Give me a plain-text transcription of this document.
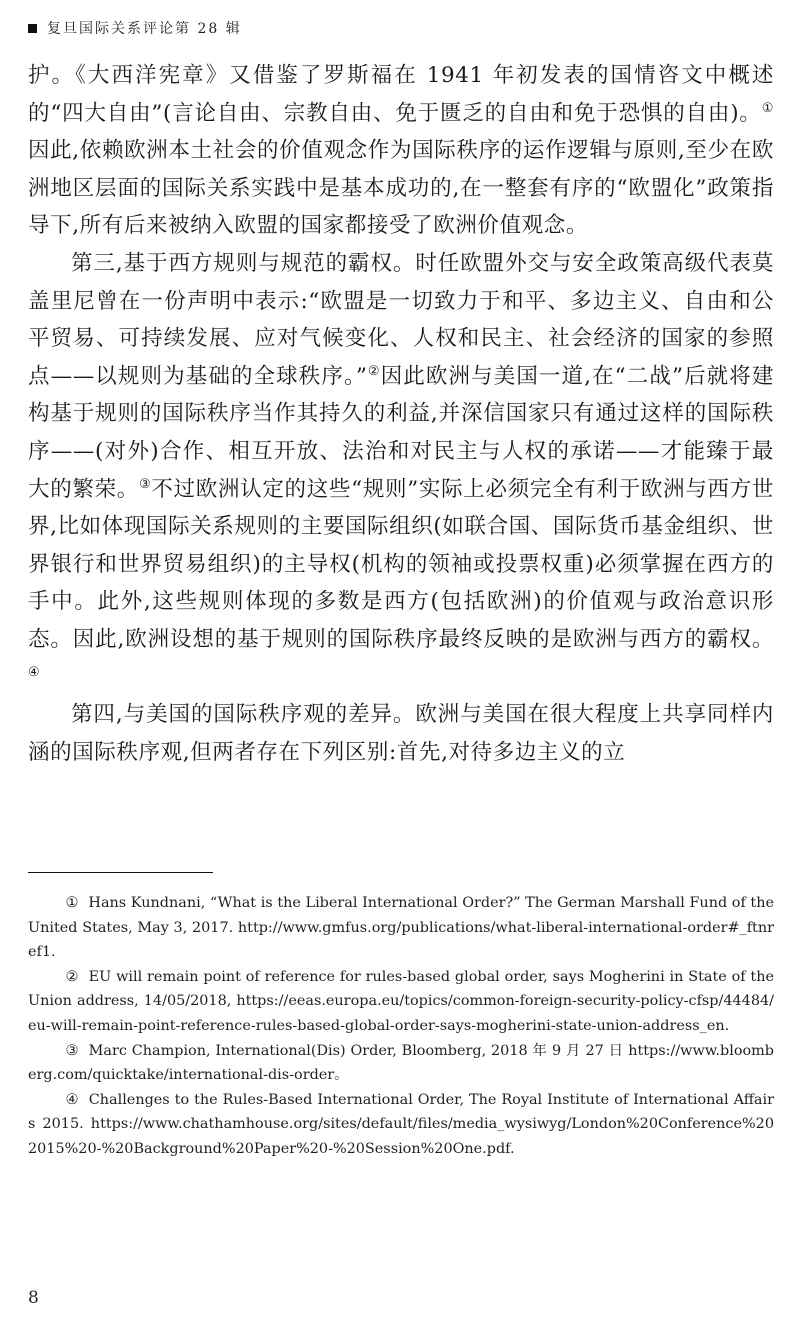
复旦国际关系评论第 28 辑

护。《大西洋宪章》又借鉴了罗斯福在 1941 年初发表的国情咨文中概述的“四大自由”(言论自由、宗教自由、免于匮乏的自由和免于恐惧的自由)。①因此,依赖欧洲本土社会的价值观念作为国际秩序的运作逻辑与原则,至少在欧洲地区层面的国际关系实践中是基本成功的,在一整套有序的“欧盟化”政策指导下,所有后来被纳入欧盟的国家都接受了欧洲价值观念。

第三,基于西方规则与规范的霸权。时任欧盟外交与安全政策高级代表莫盖里尼曾在一份声明中表示:“欧盟是一切致力于和平、多边主义、自由和公平贸易、可持续发展、应对气候变化、人权和民主、社会经济的国家的参照点——以规则为基础的全球秩序。”②因此欧洲与美国一道,在“二战”后就将建构基于规则的国际秩序当作其持久的利益,并深信国家只有通过这样的国际秩序——(对外)合作、相互开放、法治和对民主与人权的承诺——才能臻于最大的繁荣。③不过欧洲认定的这些“规则”实际上必须完全有利于欧洲与西方世界,比如体现国际关系规则的主要国际组织(如联合国、国际货币基金组织、世界银行和世界贸易组织)的主导权(机构的领袖或投票权重)必须掌握在西方的手中。此外,这些规则体现的多数是西方(包括欧洲)的价值观与政治意识形态。因此,欧洲设想的基于规则的国际秩序最终反映的是欧洲与西方的霸权。④

第四,与美国的国际秩序观的差异。欧洲与美国在很大程度上共享同样内涵的国际秩序观,但两者存在下列区别:首先,对待多边主义的立

① Hans Kundnani, “What is the Liberal International Order?” The German Marshall Fund of the United States, May 3, 2017. http://www.gmfus.org/publications/what-liberal-international-order#_ftnref1.

② EU will remain point of reference for rules-based global order, says Mogherini in State of the Union address, 14/05/2018, https://eeas.europa.eu/topics/common-foreign-security-policy-cfsp/44484/eu-will-remain-point-reference-rules-based-global-order-says-mogherini-state-union-address_en.

③ Marc Champion, International(Dis) Order, Bloomberg, 2018 年 9 月 27 日 https://www.bloomberg.com/quicktake/international-dis-order。

④ Challenges to the Rules-Based International Order, The Royal Institute of International Affairs 2015. https://www.chathamhouse.org/sites/default/files/media_wysiwyg/London%20Conference%202015%20-%20Background%20Paper%20-%20Session%20One.pdf.

8
